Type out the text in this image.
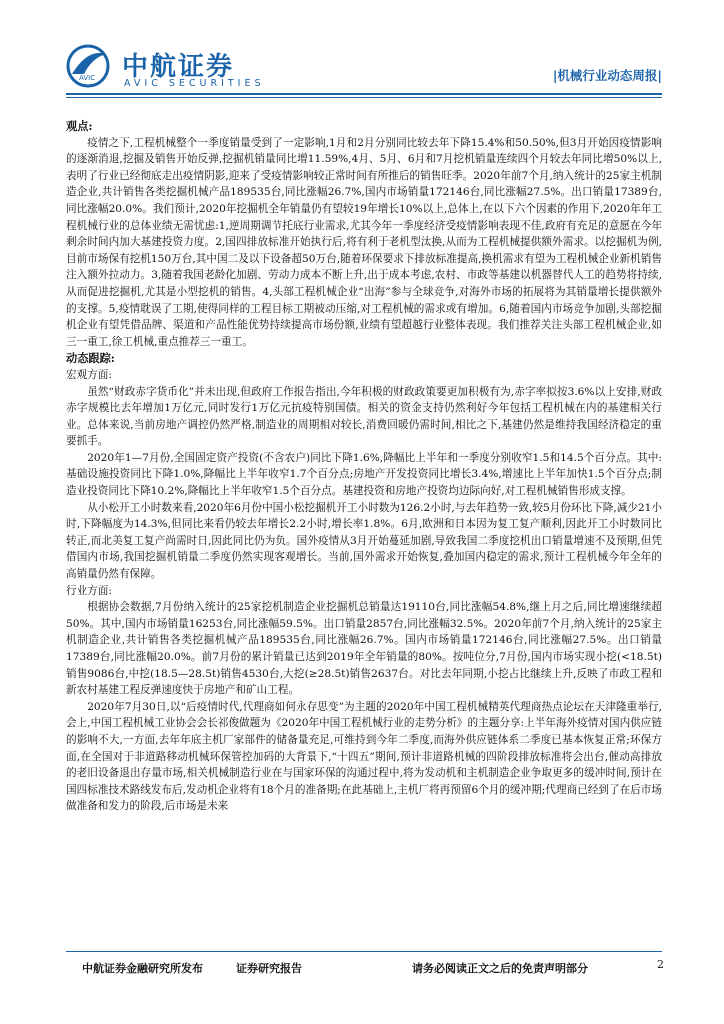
AVIC 中航证券
AVIC SECURITIES
|机械行业动态周报|

观点:

疫情之下,工程机械整个一季度销量受到了一定影响,1月和2月分别同比较去年下降15.4%和50.50%,但3月开始因疫情影响的逐渐消退,挖掘及销售开始反弹,挖掘机销量同比增11.59%,4月、5月、6月和7月挖机销量连续四个月较去年同比增50%以上,表明了行业已经彻底走出疫情阴影,迎来了受疫情影响较正常时间有所推后的销售旺季。2020年前7个月,纳入统计的25家主机制造企业,共计销售各类挖掘机械产品189535台,同比涨幅26.7%,国内市场销量172146台,同比涨幅27.5%。出口销量17389台,同比涨幅20.0%。我们预计,2020年挖掘机全年销量仍有望较19年增长10%以上,总体上,在以下六个因素的作用下,2020年年工程机械行业的总体业绩无需忧虑:1,逆周期调节托底行业需求,尤其今年一季度经济受疫情影响表现不佳,政府有充足的意愿在今年剩余时间内加大基建投资力度。2,国四排放标准开始执行后,将有利于老机型汰换,从而为工程机械提供额外需求。以挖掘机为例,目前市场保有挖机150万台,其中国二及以下设备超50万台,随着环保要求下排放标准提高,换机需求有望为工程机械企业新机销售注入额外拉动力。3,随着我国老龄化加剧、劳动力成本不断上升,出于成本考虑,农村、市政等基建以机器替代人工的趋势将持续,从而促进挖掘机,尤其是小型挖机的销售。4,头部工程机械企业“出海”参与全球竞争,对海外市场的拓展将为其销量增长提供额外的支撑。5,疫情耽误了工期,使得同样的工程目标工期被动压缩,对工程机械的需求或有增加。6,随着国内市场竞争加剧,头部挖掘机企业有望凭借品牌、渠道和产品性能优势持续提高市场份额,业绩有望超越行业整体表现。我们推荐关注头部工程机械企业,如三一重工,徐工机械,重点推荐三一重工。

动态跟踪:

宏观方面:

虽然“财政赤字货币化”并未出现,但政府工作报告指出,今年积极的财政政策要更加积极有为,赤字率拟按3.6%以上安排,财政赤字规模比去年增加1万亿元,同时发行1万亿元抗疫特别国债。相关的资金支持仍然利好今年包括工程机械在内的基建相关行业。总体来说,当前房地产调控仍然严格,制造业的周期相对较长,消费回暖仍需时间,相比之下,基建仍然是维持我国经济稳定的重要抓手。

2020年1—7月份,全国固定资产投资(不含农户)同比下降1.6%,降幅比上半年和一季度分别收窄1.5和14.5个百分点。其中:基础设施投资同比下降1.0%,降幅比上半年收窄1.7个百分点;房地产开发投资同比增长3.4%,增速比上半年加快1.5个百分点;制造业投资同比下降10.2%,降幅比上半年收窄1.5个百分点。基建投资和房地产投资均边际向好,对工程机械销售形成支撑。

从小松开工小时数来看,2020年6月份中国小松挖掘机开工小时数为126.2小时,与去年趋势一致,较5月份环比下降,减少21小时,下降幅度为14.3%,但同比来看仍较去年增长2.2小时,增长率1.8%。6月,欧洲和日本因为复工复产顺利,因此开工小时数同比转正,而北美复工复产尚需时日,因此同比仍为负。国外疫情从3月开始蔓延加剧,导致我国二季度挖机出口销量增速不及预期,但凭借国内市场,我国挖掘机销量二季度仍然实现客观增长。当前,国外需求开始恢复,叠加国内稳定的需求,预计工程机械今年全年的高销量仍然有保障。

行业方面:

根据协会数据,7月份纳入统计的25家挖机制造企业挖掘机总销量达19110台,同比涨幅54.8%,继上月之后,同比增速继续超50%。其中,国内市场销量16253台,同比涨幅59.5%。出口销量2857台,同比涨幅32.5%。2020年前7个月,纳入统计的25家主机制造企业,共计销售各类挖掘机械产品189535台,同比涨幅26.7%。国内市场销量172146台,同比涨幅27.5%。出口销量17389台,同比涨幅20.0%。前7月份的累计销量已达到2019年全年销量的80%。按吨位分,7月份,国内市场实现小挖(<18.5t)销售9086台,中挖(18.5—28.5t)销售4530台,大挖(≥28.5t)销售2637台。对比去年同期,小挖占比继续上升,反映了市政工程和新农村基建工程反弹速度快于房地产和矿山工程。

2020年7月30日,以“后疫情时代,代理商如何永存思变”为主题的2020年中国工程机械精英代理商热点论坛在天津隆重举行,会上,中国工程机械工业协会会长祁俊做题为《2020年中国工程机械行业的走势分析》的主题分享:上半年海外疫情对国内供应链的影响不大,一方面,去年年底主机厂家部件的储备量充足,可维持到今年二季度,而海外供应链体系二季度已基本恢复正常;环保方面,在全国对于非道路移动机械环保管控加码的大背景下,“十四五”期间,预计非道路机械的四阶段排放标准将会出台,催动高排放的老旧设备退出存量市场,相关机械制造行业在与国家环保的沟通过程中,将为发动机和主机制造企业争取更多的缓冲时间,预计在国四标准技术路线发布后,发动机企业将有18个月的准备期;在此基础上,主机厂将再预留6个月的缓冲期;代理商已经到了在后市场做准备和发力的阶段,后市场是未来

中航证券金融研究所发布	证券研究报告	请务必阅读正文之后的免责声明部分	2
